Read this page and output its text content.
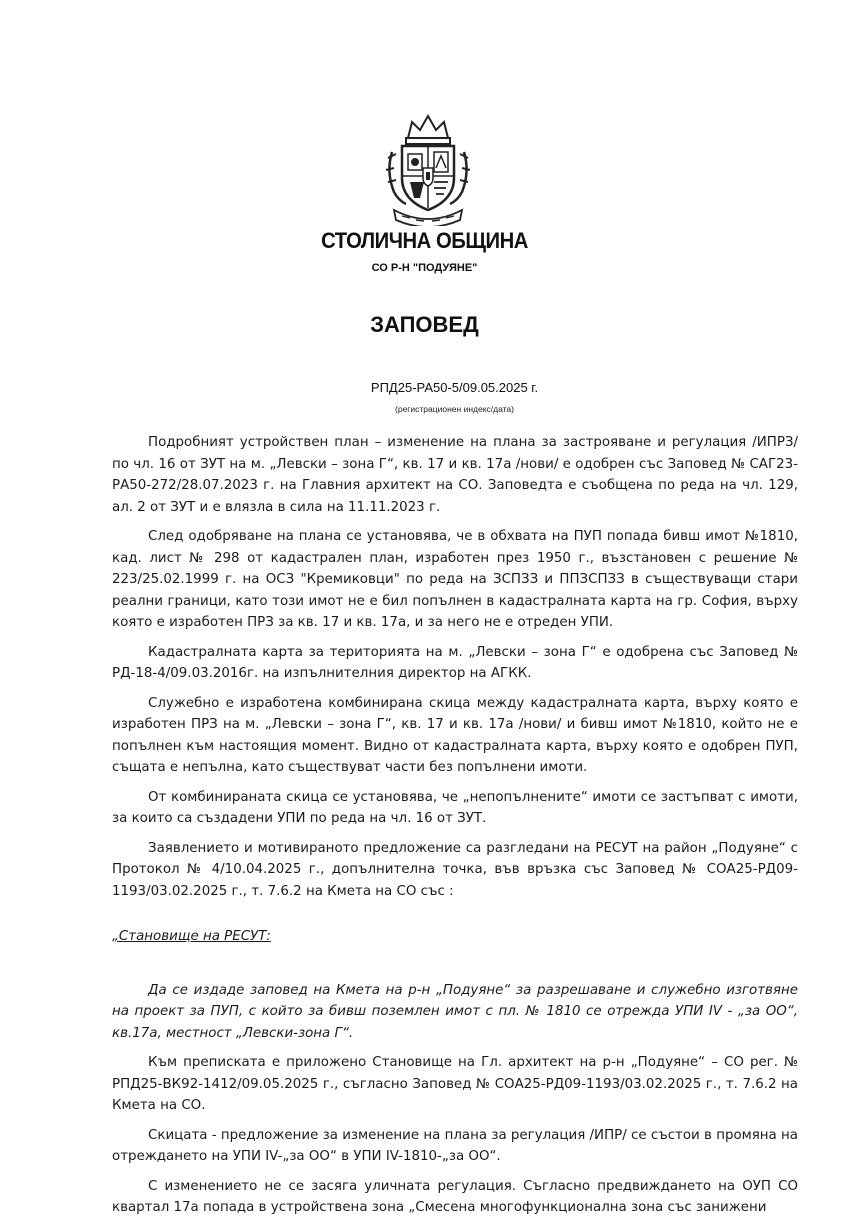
СТОЛИЧНА ОБЩИНА
СО Р-Н "ПОДУЯНЕ"
ЗАПОВЕД
РПД25-РА50-5/09.05.2025 г.
(регистрационен индекс/дата)

Подробният устройствен план – изменение на плана за застрояване и регулация /ИПРЗ/ по чл. 16 от ЗУТ на м. „Левски – зона Г“, кв. 17 и кв. 17а /нови/ е одобрен със Заповед № САГ23-РА50-272/28.07.2023 г. на Главния архитект на СО. Заповедта е съобщена по реда на чл. 129, ал. 2 от ЗУТ и е влязла в сила на 11.11.2023 г.

След одобряване на плана се установява, че в обхвата на ПУП попада бивш имот №1810, кад. лист № 298 от кадастрален план, изработен през 1950 г., възстановен с решение № 223/25.02.1999 г. на ОСЗ "Кремиковци" по реда на ЗСПЗЗ и ППЗСПЗЗ в съществуващи стари реални граници, като този имот не е бил попълнен в кадастралната карта на гр. София, върху която е изработен ПРЗ за кв. 17 и кв. 17а, и за него не е отреден УПИ.

Кадастралната карта за територията на м. „Левски – зона Г“ е одобрена със Заповед № РД-18-4/09.03.2016г. на изпълнителния директор на АГКК.

Служебно е изработена комбинирана скица между кадастралната карта, върху която е изработен ПРЗ на м. „Левски – зона Г“, кв. 17 и кв. 17а /нови/ и бивш имот №1810, който не е попълнен към настоящия момент. Видно от кадастралната карта, върху която е одобрен ПУП, същата е непълна, като съществуват части без попълнени имоти.

От комбинираната скица се установява, че „непопълнените“ имоти се застъпват с имоти, за които са създадени УПИ по реда на чл. 16 от ЗУТ.

Заявлението и мотивираното предложение са разгледани на РЕСУТ на район „Подуяне“ с Протокол № 4/10.04.2025 г., допълнителна точка, във връзка със Заповед № СОА25-РД09-1193/03.02.2025 г., т. 7.6.2 на Кмета на СО със :

„Становище на РЕСУТ:

Да се издаде заповед на Кмета на р-н „Подуяне“ за разрешаване и служебно изготвяне на проект за ПУП, с който за бивш поземлен имот с пл. № 1810 се отрежда УПИ IV - „за ОО“, кв.17а, местност „Левски-зона Г“.

Към преписката е приложено Становище на Гл. архитект на р-н „Подуяне“ – СО рег. № РПД25-ВК92-1412/09.05.2025 г., съгласно Заповед № СОА25-РД09-1193/03.02.2025 г., т. 7.6.2 на Кмета на СО.

Скицата - предложение за изменение на плана за регулация /ИПР/ се състои в промяна на отреждането на УПИ IV-„за ОО“ в УПИ IV-1810-„за ОО“.

С изменението не се засяга уличната регулация. Съгласно предвиждането на ОУП СО квартал 17а попада в устройствена зона „Смесена многофункционална зона със занижени
